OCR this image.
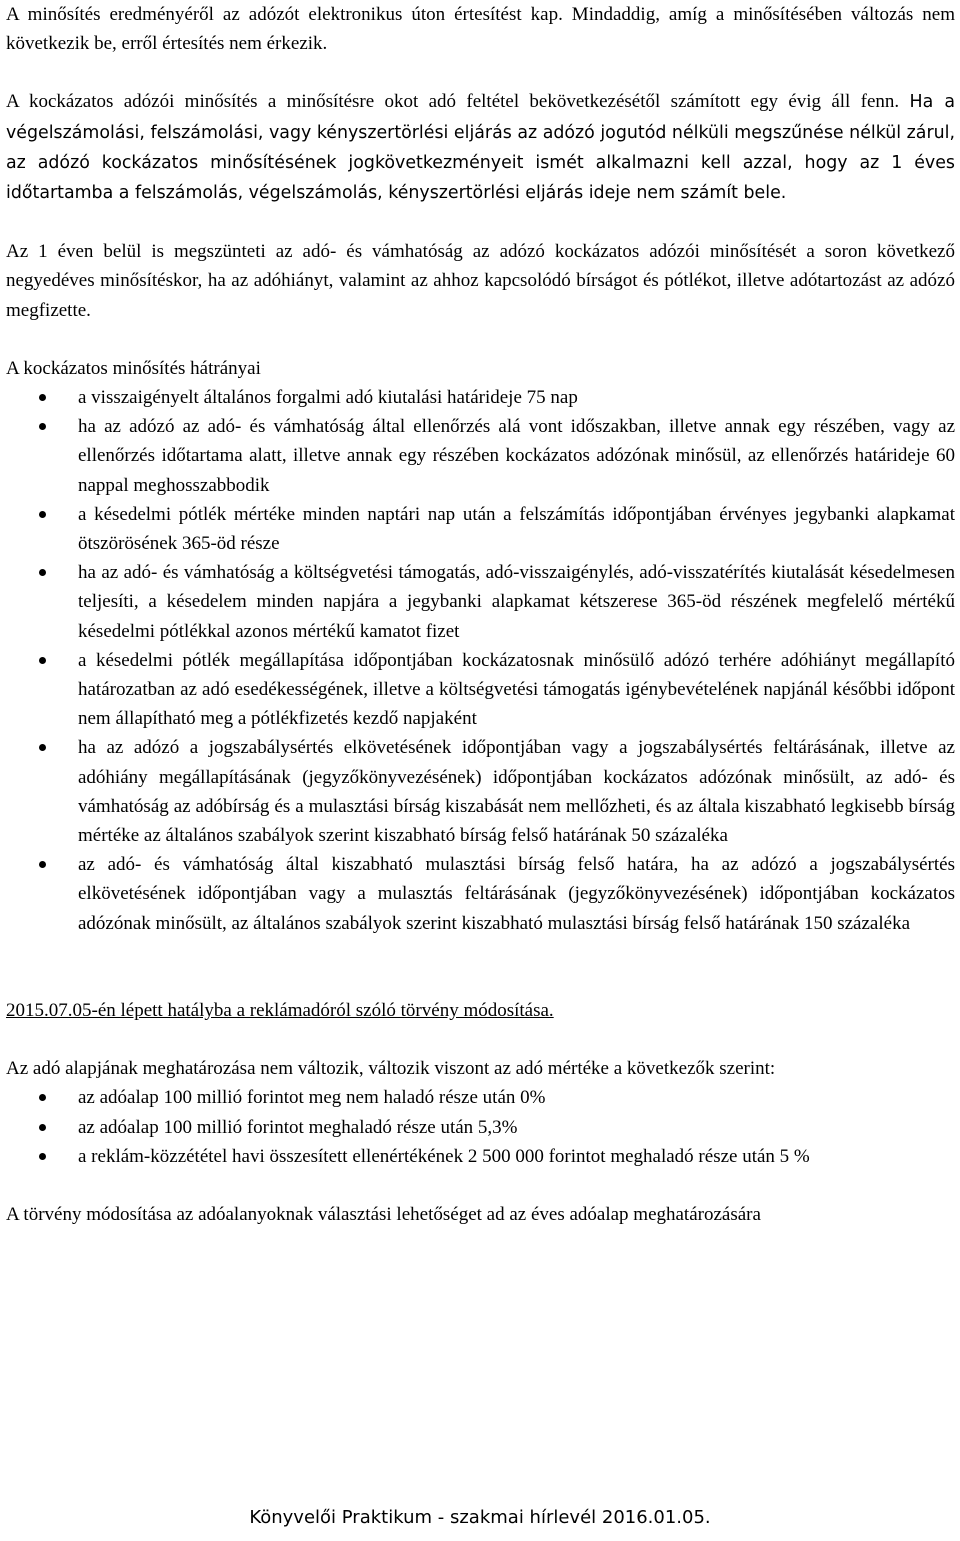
A minősítés eredményéről az adózót elektronikus úton értesítést kap. Mindaddig, amíg a minősítésében változás nem következik be, erről értesítés nem érkezik.

A kockázatos adózói minősítés a minősítésre okot adó feltétel bekövetkezésétől számított egy évig áll fenn. Ha a végelszámolási, felszámolási, vagy kényszertörlési eljárás az adózó jogutód nélküli megszűnése nélkül zárul, az adózó kockázatos minősítésének jogkövetkezményeit ismét alkalmazni kell azzal, hogy az 1 éves időtartamba a felszámolás, végelszámolás, kényszertörlési eljárás ideje nem számít bele.

Az 1 éven belül is megszünteti az adó- és vámhatóság az adózó kockázatos adózói minősítését a soron következő negyedéves minősítéskor, ha az adóhiányt, valamint az ahhoz kapcsolódó bírságot és pótlékot, illetve adótartozást az adózó megfizette.

A kockázatos minősítés hátrányai

a visszaigényelt általános forgalmi adó kiutalási határideje 75 nap
ha az adózó az adó- és vámhatóság által ellenőrzés alá vont időszakban, illetve annak egy részében, vagy az ellenőrzés időtartama alatt, illetve annak egy részében kockázatos adózónak minősül, az ellenőrzés határideje 60 nappal meghosszabbodik
a késedelmi pótlék mértéke minden naptári nap után a felszámítás időpontjában érvényes jegybanki alapkamat ötszörösének 365-öd része
ha az adó- és vámhatóság a költségvetési támogatás, adó-visszaigénylés, adó-visszatérítés kiutalását késedelmesen teljesíti, a késedelem minden napjára a jegybanki alapkamat kétszerese 365-öd részének megfelelő mértékű késedelmi pótlékkal azonos mértékű kamatot fizet
a késedelmi pótlék megállapítása időpontjában kockázatosnak minősülő adózó terhére adóhiányt megállapító határozatban az adó esedékességének, illetve a költségvetési támogatás igénybevételének napjánál későbbi időpont nem állapítható meg a pótlékfizetés kezdő napjaként
ha az adózó a jogszabálysértés elkövetésének időpontjában vagy a jogszabálysértés feltárásának, illetve az adóhiány megállapításának (jegyzőkönyvezésének) időpontjában kockázatos adózónak minősült, az adó- és vámhatóság az adóbírság és a mulasztási bírság kiszabását nem mellőzheti, és az általa kiszabható legkisebb bírság mértéke az általános szabályok szerint kiszabható bírság felső határának 50 százaléka
az adó- és vámhatóság által kiszabható mulasztási bírság felső határa, ha az adózó a jogszabálysértés elkövetésének időpontjában vagy a mulasztás feltárásának (jegyzőkönyvezésének) időpontjában kockázatos adózónak minősült, az általános szabályok szerint kiszabható mulasztási bírság felső határának 150 százaléka

2015.07.05-én lépett hatályba a reklámadóról szóló törvény módosítása.

Az adó alapjának meghatározása nem változik, változik viszont az adó mértéke a következők szerint:

az adóalap 100 millió forintot meg nem haladó része után 0%
az adóalap 100 millió forintot meghaladó része után 5,3%
a reklám-közzététel havi összesített ellenértékének 2 500 000 forintot meghaladó része után 5 %

A törvény módosítása az adóalanyoknak választási lehetőséget ad az éves adóalap meghatározására

Könyvelői Praktikum - szakmai hírlevél 2016.01.05.
